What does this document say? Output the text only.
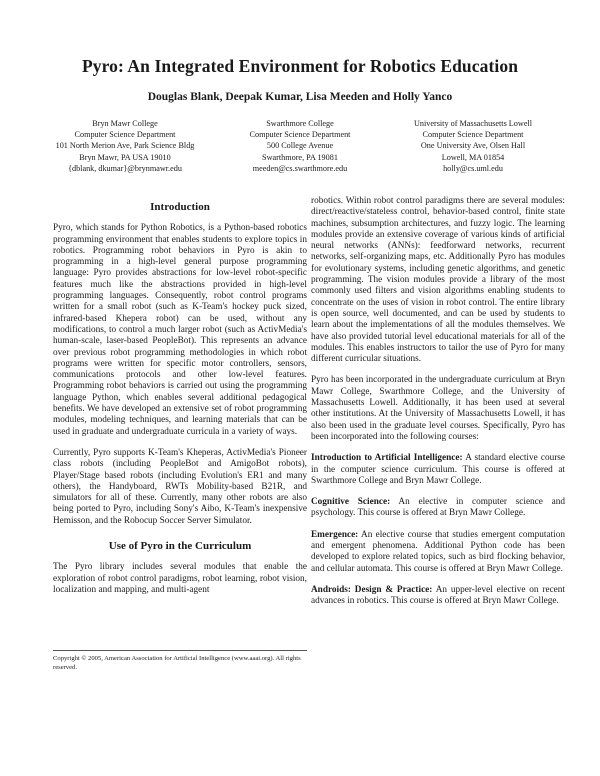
Pyro: An Integrated Environment for Robotics Education
Douglas Blank, Deepak Kumar, Lisa Meeden and Holly Yanco
Bryn Mawr College
Computer Science Department
101 North Merion Ave, Park Science Bldg
Bryn Mawr, PA USA 19010
{dblank, dkumar}@brynmawr.edu
Swarthmore College
Computer Science Department
500 College Avenue
Swarthmore, PA 19081
meeden@cs.swarthmore.edu
University of Massachusetts Lowell
Computer Science Department
One University Ave, Olsen Hall
Lowell, MA 01854
holly@cs.uml.edu
Introduction

Pyro, which stands for Python Robotics, is a Python-based robotics programming environment that enables students to explore topics in robotics. Programming robot behaviors in Pyro is akin to programming in a high-level general purpose programming language: Pyro provides abstractions for low-level robot-specific features much like the abstractions provided in high-level programming languages. Consequently, robot control programs written for a small robot (such as K-Team's hockey puck sized, infrared-based Khepera robot) can be used, without any modifications, to control a much larger robot (such as ActivMedia's human-scale, laser-based PeopleBot). This represents an advance over previous robot programming methodologies in which robot programs were written for specific motor controllers, sensors, communications protocols and other low-level features. Programming robot behaviors is carried out using the programming language Python, which enables several additional pedagogical benefits. We have developed an extensive set of robot programming modules, modeling techniques, and learning materials that can be used in graduate and undergraduate curricula in a variety of ways.

Currently, Pyro supports K-Team's Kheperas, ActivMedia's Pioneer class robots (including PeopleBot and AmigoBot robots), Player/Stage based robots (including Evolution's ER1 and many others), the Handyboard, RWTs Mobility-based B21R, and simulators for all of these. Currently, many other robots are also being ported to Pyro, including Sony's Aibo, K-Team's inexpensive Hemisson, and the Robocup Soccer Server Simulator.

Use of Pyro in the Curriculum

The Pyro library includes several modules that enable the exploration of robot control paradigms, robot learning, robot vision, localization and mapping, and multi-agent

Copyright © 2005, American Association for Artificial Intelligence (www.aaai.org). All rights reserved.

robotics. Within robot control paradigms there are several modules: direct/reactive/stateless control, behavior-based control, finite state machines, subsumption architectures, and fuzzy logic. The learning modules provide an extensive coverage of various kinds of artificial neural networks (ANNs): feedforward networks, recurrent networks, self-organizing maps, etc. Additionally Pyro has modules for evolutionary systems, including genetic algorithms, and genetic programming. The vision modules provide a library of the most commonly used filters and vision algorithms enabling students to concentrate on the uses of vision in robot control. The entire library is open source, well documented, and can be used by students to learn about the implementations of all the modules themselves. We have also provided tutorial level educational materials for all of the modules. This enables instructors to tailor the use of Pyro for many different curricular situations.

Pyro has been incorporated in the undergraduate curriculum at Bryn Mawr College, Swarthmore College, and the University of Massachusetts Lowell. Additionally, it has been used at several other institutions. At the University of Massachusetts Lowell, it has also been used in the graduate level courses. Specifically, Pyro has been incorporated into the following courses:

Introduction to Artificial Intelligence: A standard elective course in the computer science curriculum. This course is offered at Swarthmore College and Bryn Mawr College.

Cognitive Science: An elective in computer science and psychology. This course is offered at Bryn Mawr College.

Emergence: An elective course that studies emergent computation and emergent phenomena. Additional Python code has been developed to explore related topics, such as bird flocking behavior, and cellular automata. This course is offered at Bryn Mawr College.

Androids: Design & Practice: An upper-level elective on recent advances in robotics. This course is offered at Bryn Mawr College.
